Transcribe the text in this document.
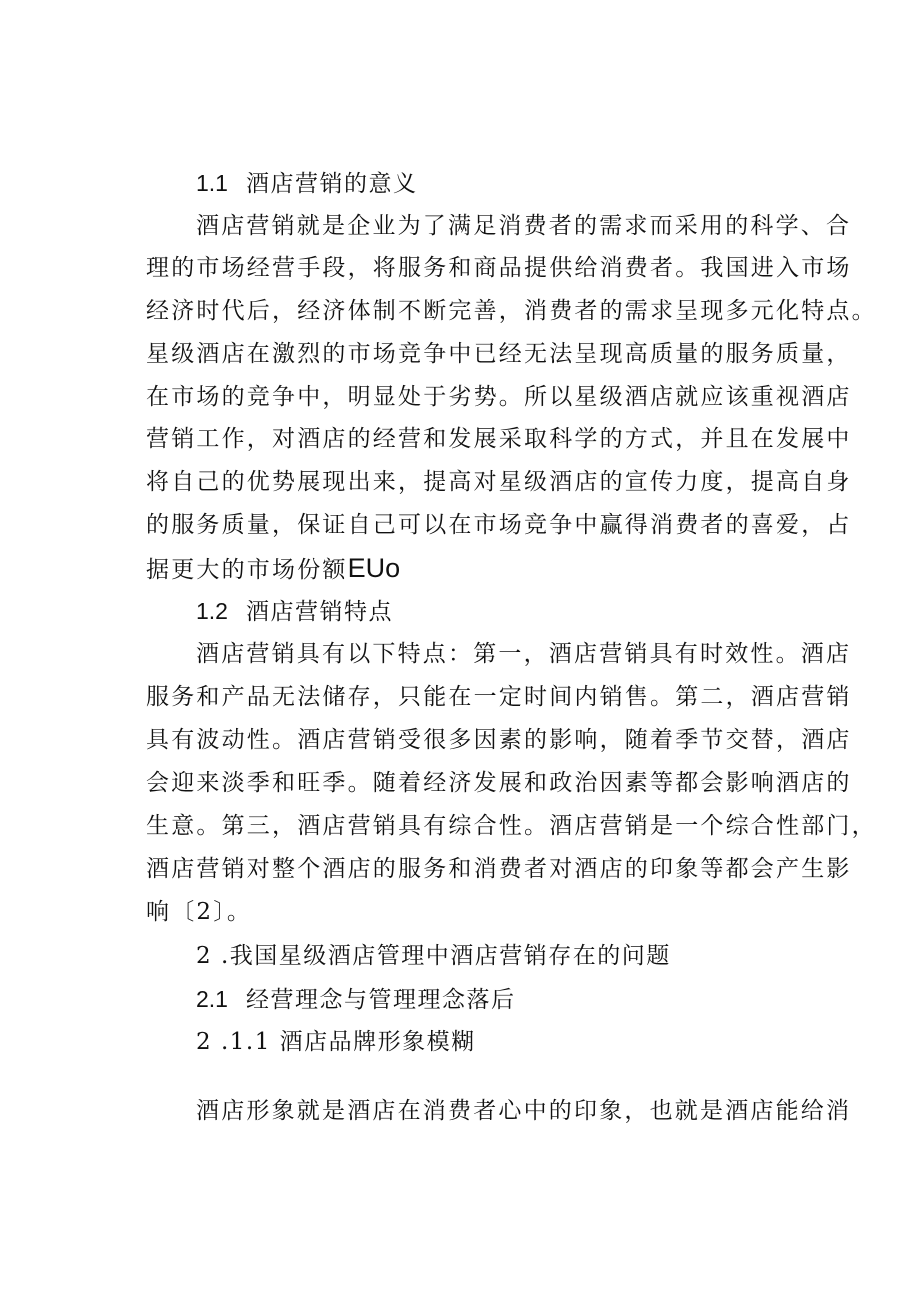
1.1 酒店营销的意义
酒店营销就是企业为了满足消费者的需求而采用的科学、合
理的市场经营手段，将服务和商品提供给消费者。我国进入市场
经济时代后，经济体制不断完善，消费者的需求呈现多元化特点。
星级酒店在激烈的市场竞争中已经无法呈现高质量的服务质量，
在市场的竞争中，明显处于劣势。所以星级酒店就应该重视酒店
营销工作，对酒店的经营和发展采取科学的方式，并且在发展中
将自己的优势展现出来，提高对星级酒店的宣传力度，提高自身
的服务质量，保证自己可以在市场竞争中赢得消费者的喜爱，占
据更大的市场份额EUo
1.2 酒店营销特点
酒店营销具有以下特点：第一，酒店营销具有时效性。酒店
服务和产品无法储存，只能在一定时间内销售。第二，酒店营销
具有波动性。酒店营销受很多因素的影响，随着季节交替，酒店
会迎来淡季和旺季。随着经济发展和政治因素等都会影响酒店的
生意。第三，酒店营销具有综合性。酒店营销是一个综合性部门，
酒店营销对整个酒店的服务和消费者对酒店的印象等都会产生影
响〔2〕。
2 .我国星级酒店管理中酒店营销存在的问题
2.1 经营理念与管理理念落后
2 .1.1 酒店品牌形象模糊
酒店形象就是酒店在消费者心中的印象，也就是酒店能给消
